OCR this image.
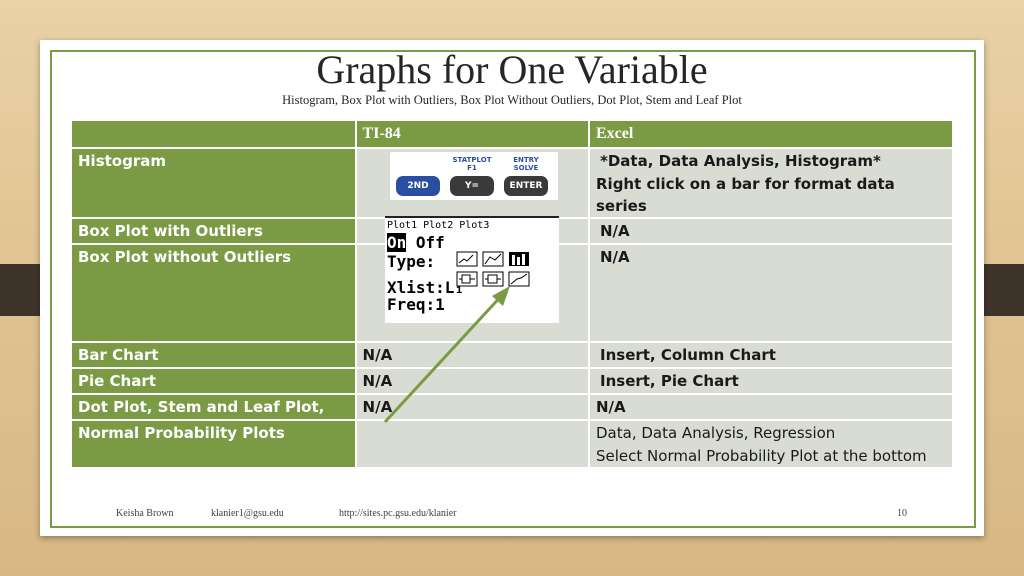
Graphs for One Variable
Histogram, Box Plot with Outliers, Box Plot Without Outliers, Dot Plot, Stem and Leaf Plot
	TI-84	Excel

Histogram		*Data, Data Analysis, Histogram*
Right click on a bar for format data series

Box Plot with Outliers		N/A

Box Plot without Outliers		N/A

Bar Chart	N/A	Insert, Column Chart

Pie Chart	N/A	Insert, Pie Chart

Dot Plot, Stem and Leaf Plot,	N/A	N/A

Normal Probability Plots		Data, Data Analysis, Regression
Select Normal Probability Plot at the bottom
2ND
STATPLOT F1
Y=
ENTRY SOLVE
ENTER
Plot1 Plot2 Plot3
On Off
Type:
Xlist:L₁
Freq:1
Keisha Brown	klanier1@gsu.edu	http://sites.pc.gsu.edu/klanier	10
